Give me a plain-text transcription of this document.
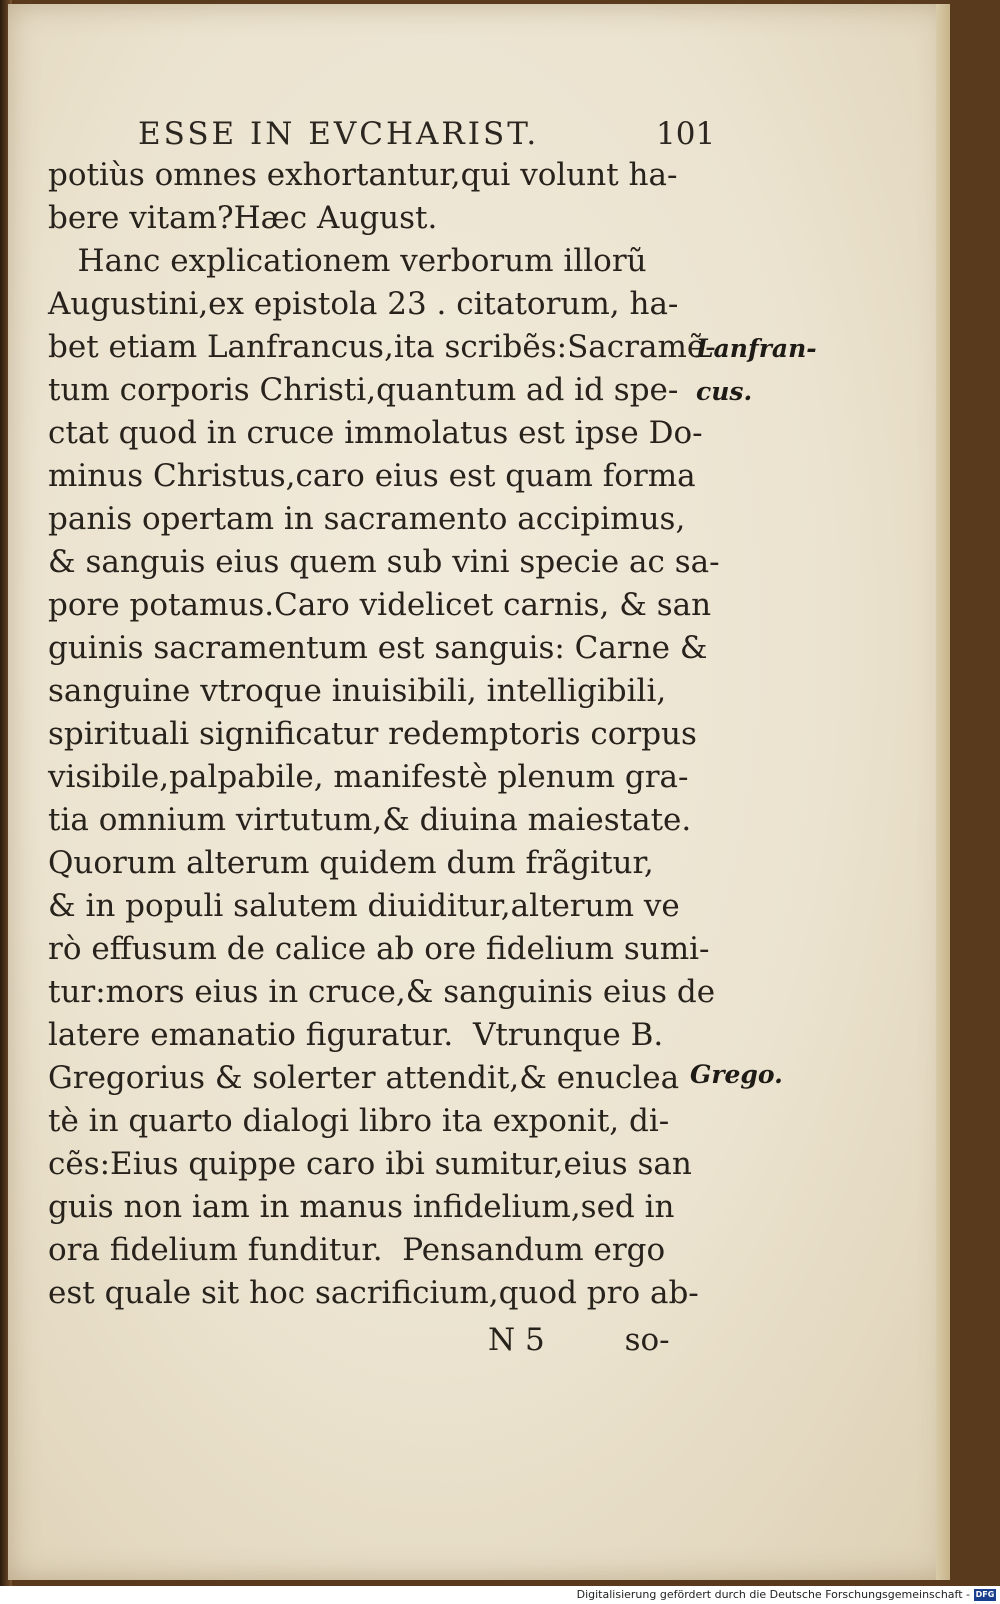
ESSE IN EVCHARIST.	101
potiùs omnes exhortantur,qui volunt ha-
bere vitam?Hæc August.
Hanc explicationem verborum illorũ
Augustini,ex epistola 23 . citatorum, ha-
bet etiam Lanfrancus,ita scribẽs:Sacramẽ-
tum corporis Christi,quantum ad id spe-
ctat quod in cruce immolatus est ipse Do-
minus Christus,caro eius est quam forma
panis opertam in sacramento accipimus,
& sanguis eius quem sub vini specie ac sa-
pore potamus.Caro videlicet carnis, & san
guinis sacramentum est sanguis: Carne &
sanguine vtroque inuisibili, intelligibili,
spirituali significatur redemptoris corpus
visibile,palpabile, manifestè plenum gra-
tia omnium virtutum,& diuina maiestate.
Quorum alterum quidem dum frãgitur,
& in populi salutem diuiditur,alterum ve
rò effusum de calice ab ore fidelium sumi-
tur:mors eius in cruce,& sanguinis eius de
latere emanatio figuratur.  Vtrunque B.
Gregorius & solerter attendit,& enuclea
tè in quarto dialogi libro ita exponit, di-
cẽs:Eius quippe caro ibi sumitur,eius san
guis non iam in manus infidelium,sed in
ora fidelium funditur.  Pensandum ergo
est quale sit hoc sacrificium,quod pro ab-
Lanfran-
cus.
Grego.
N 5	so-
Digitalisierung gefördert durch die Deutsche Forschungsgemeinschaft - DFG
